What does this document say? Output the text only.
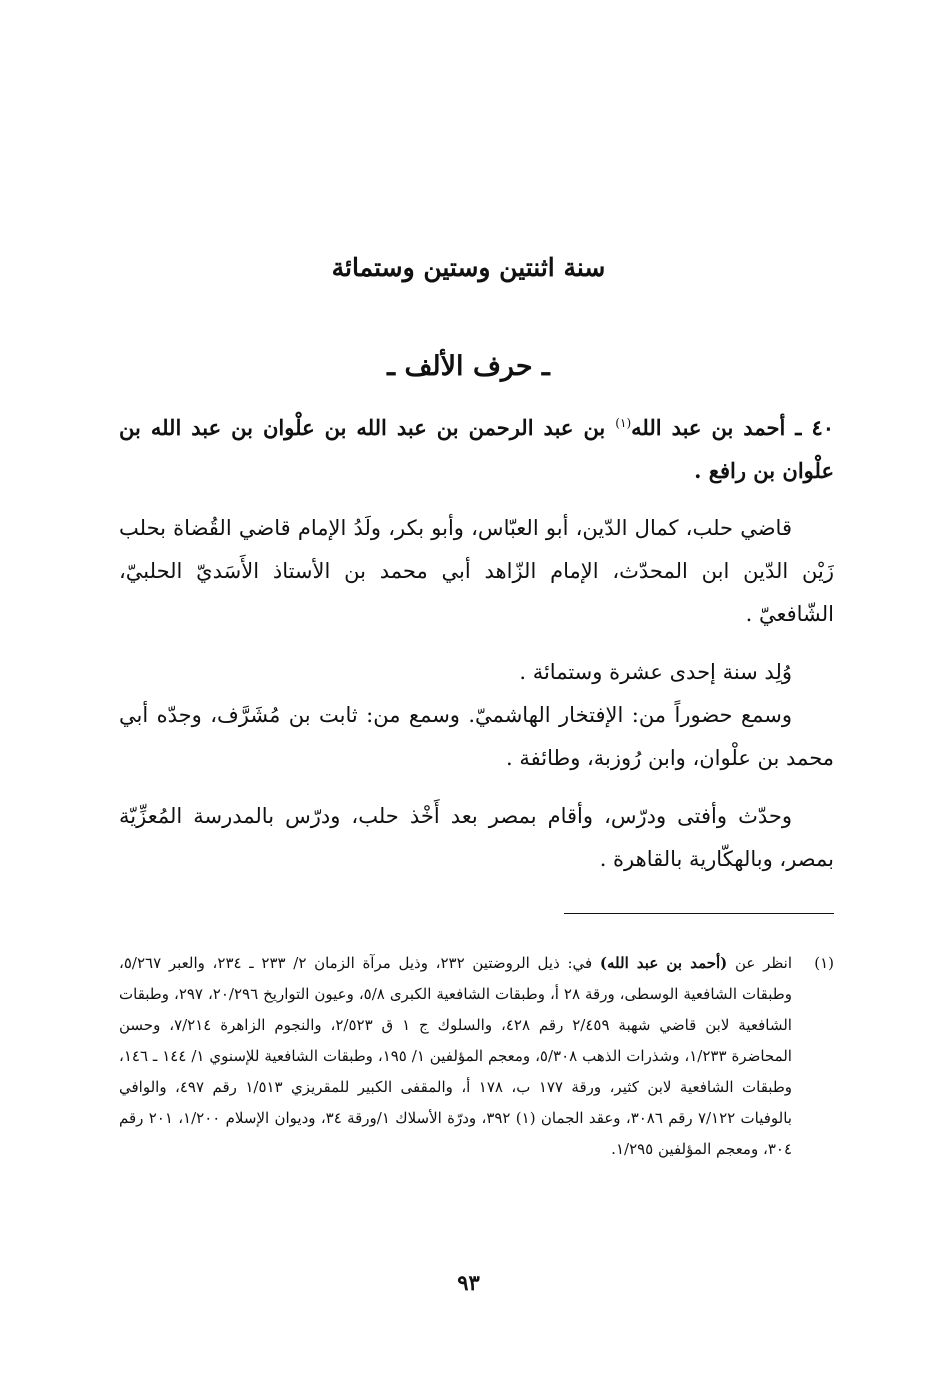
سنة اثنتين وستين وستمائة
ـ حرف الألف ـ

٤٠ ـ أحمد بن عبد الله$^{(١)}$ بن عبد الرحمن بن عبد الله بن علْوان بن عبد الله بن علْوان بن رافع .

قاضي حلب، كمال الدّين، أبو العبّاس، وأبو بكر، ولَدُ الإمام قاضي القُضاة بحلب زَيْن الدّين ابن المحدّث، الإمام الزّاهد أبي محمد بن الأستاذ الأَسَديّ الحلبيّ، الشّافعيّ .

وُلِد سنة إحدى عشرة وستمائة .

وسمع حضوراً من: الإفتخار الهاشميّ. وسمع من: ثابت بن مُشَرَّف، وجدّه أبي محمد بن علْوان، وابن رُوزبة، وطائفة .

وحدّث وأفتى ودرّس، وأقام بمصر بعد أَخْذ حلب، ودرّس بالمدرسة المُعزِّيّة بمصر، وبالهكّارية بالقاهرة .

(١)
انظر عن (أحمد بن عبد الله) في: ذيل الروضتين ٢٣٢، وذيل مرآة الزمان ٢/ ٢٣٣ ـ ٢٣٤، والعبر ٥/٢٦٧، وطبقات الشافعية الوسطى، ورقة ٢٨ أ، وطبقات الشافعية الكبرى ٥/٨، وعيون التواريخ ٢٠/٢٩٦، ٢٩٧، وطبقات الشافعية لابن قاضي شهبة ٢/٤٥٩ رقم ٤٢٨، والسلوك ج ١ ق ٢/٥٢٣، والنجوم الزاهرة ٧/٢١٤، وحسن المحاضرة ١/٢٣٣، وشذرات الذهب ٥/٣٠٨، ومعجم المؤلفين ١/ ١٩٥، وطبقات الشافعية للإسنوي ١/ ١٤٤ ـ ١٤٦، وطبقات الشافعية لابن كثير، ورقة ١٧٧ ب، ١٧٨ أ، والمقفى الكبير للمقريزي ١/٥١٣ رقم ٤٩٧، والوافي بالوفيات ٧/١٢٢ رقم ٣٠٨٦، وعقد الجمان (١) ٣٩٢، ودرّة الأسلاك ١/ورقة ٣٤، وديوان الإسلام ١/٢٠٠، ٢٠١ رقم ٣٠٤، ومعجم المؤلفين ١/٢٩٥.
٩٣
